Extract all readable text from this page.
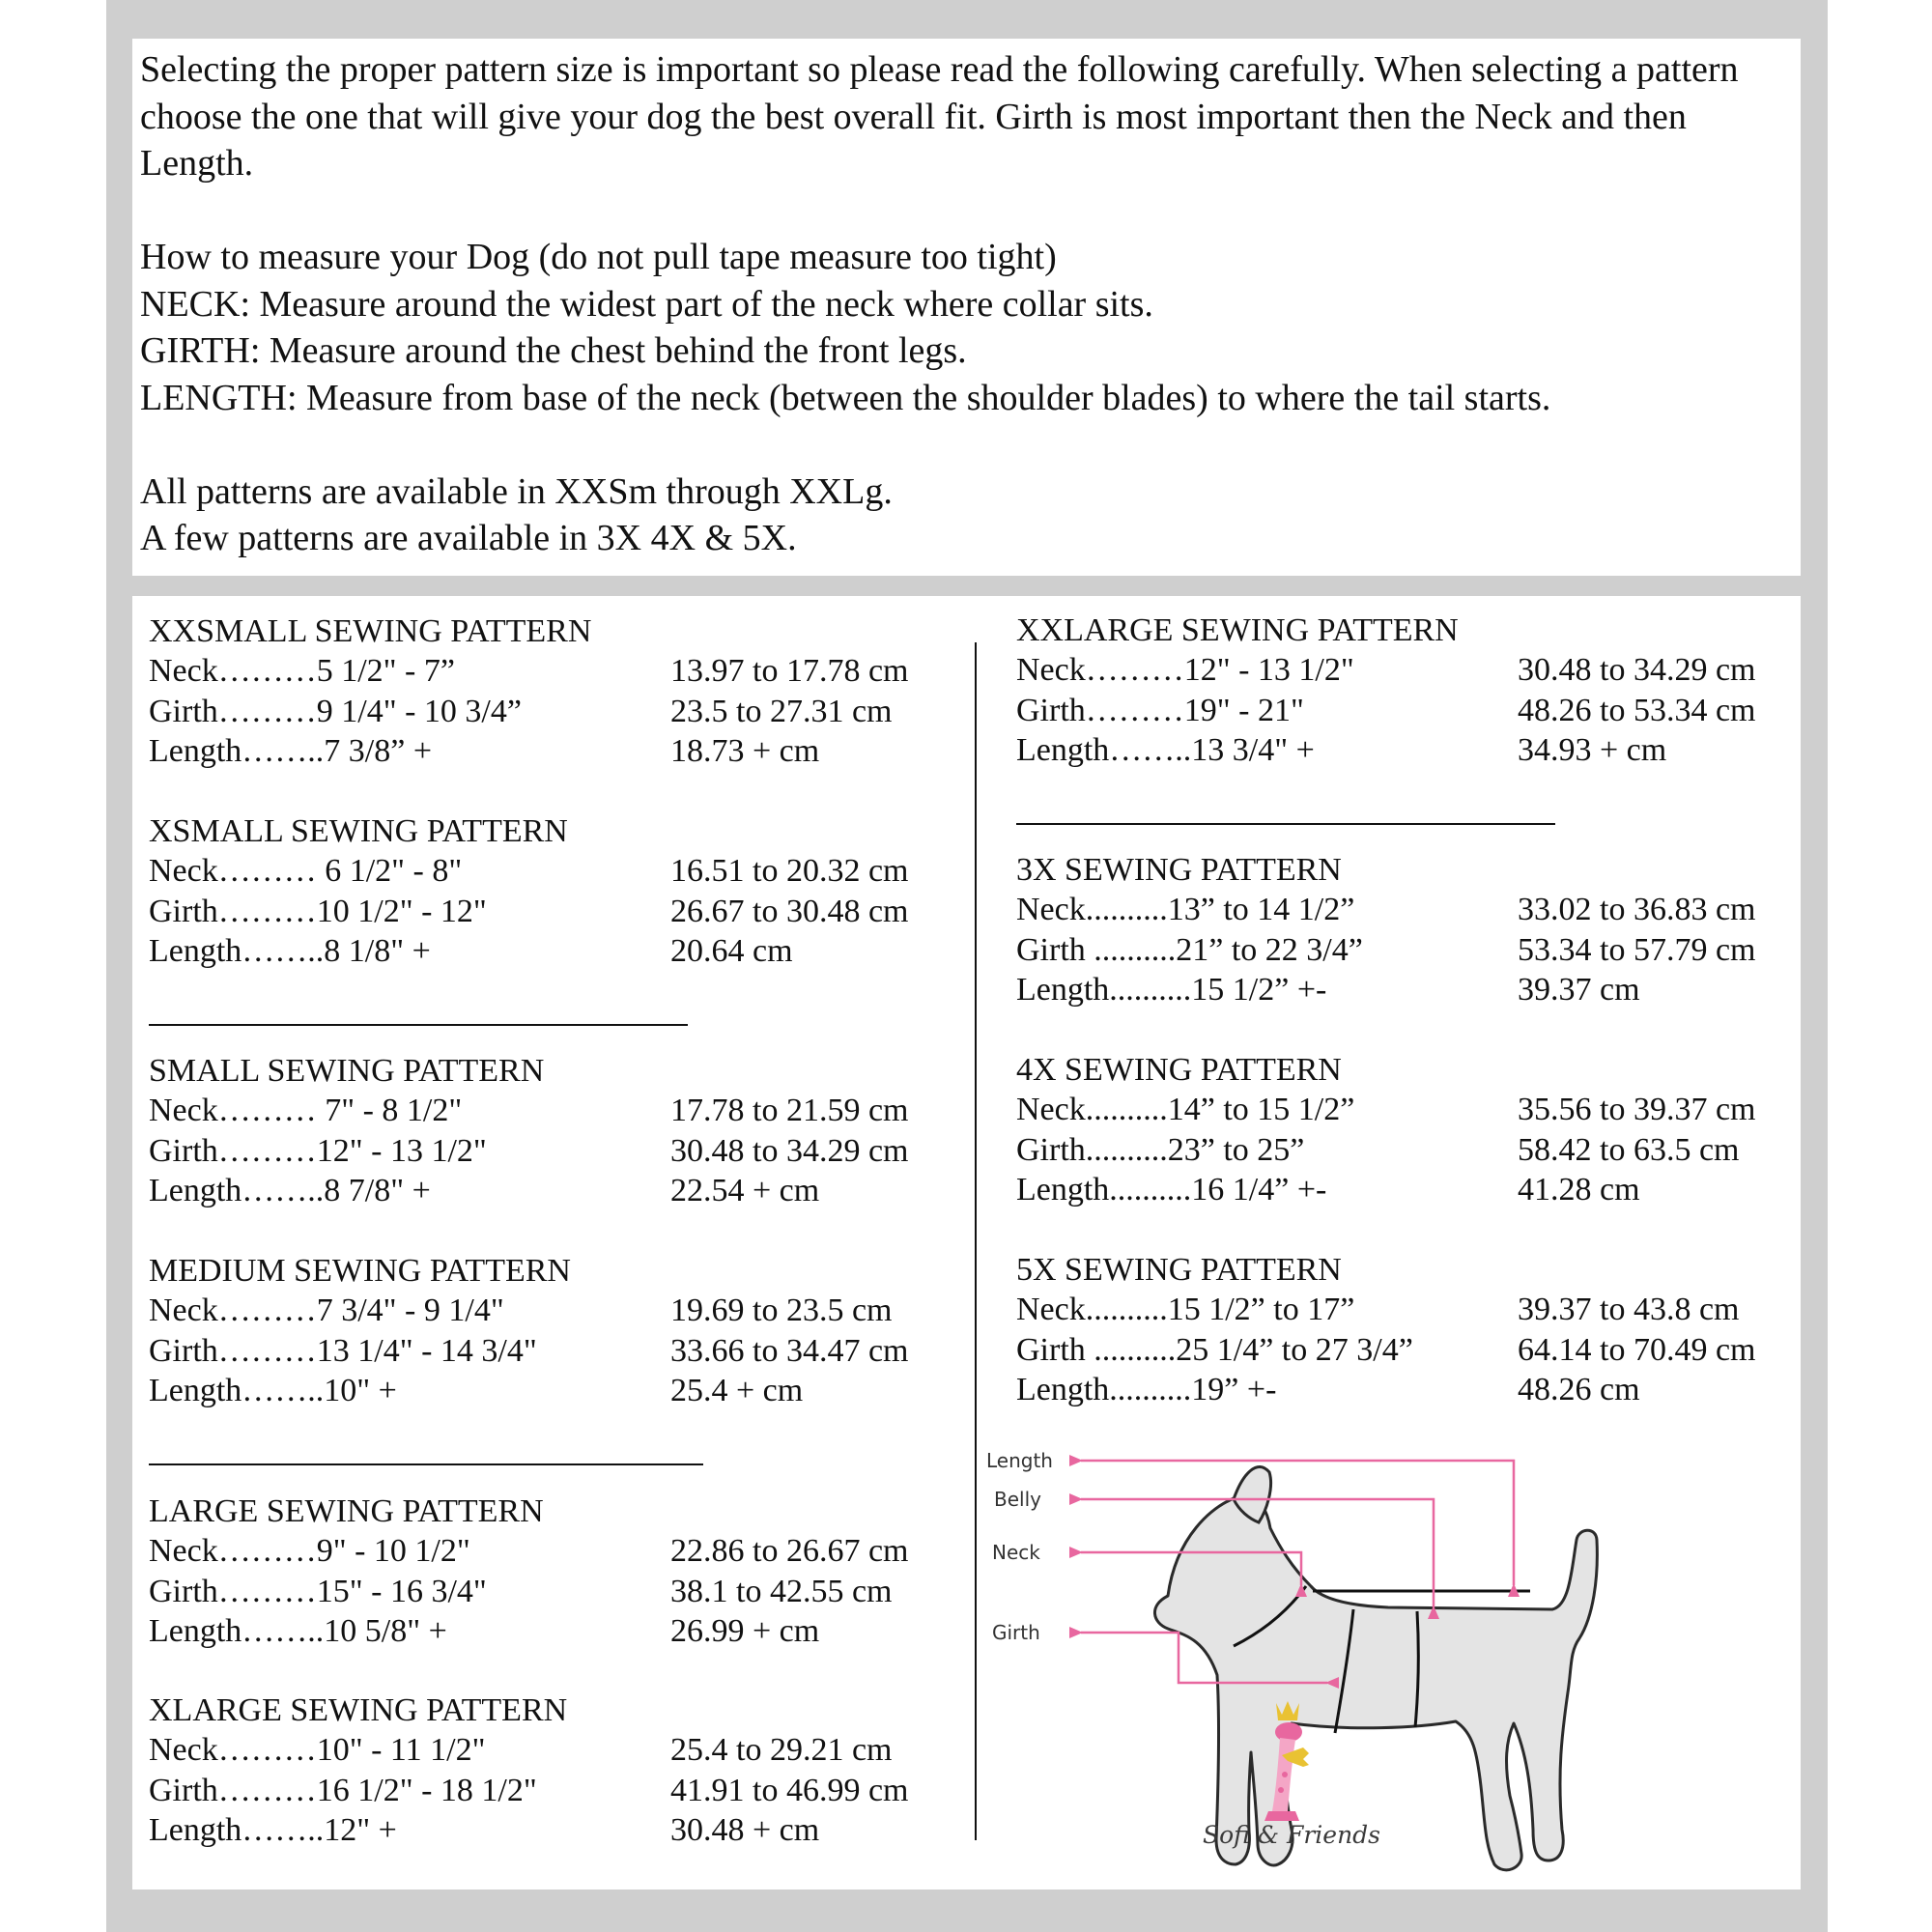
Selecting the proper pattern size is important so please read the following carefully. When selecting a pattern choose the one that will give your dog the best overall fit. Girth is most important then the Neck and then Length.

How to measure your Dog (do not pull tape measure too tight)

NECK: Measure around the widest part of the neck where collar sits.

GIRTH: Measure around the chest behind the front legs.

LENGTH: Measure from base of the neck (between the shoulder blades) to where the tail starts.

All patterns are available in XXSm through XXLg.

A few patterns are available in 3X 4X & 5X.

XXSMALL SEWING PATTERN
Neck………5 1/2" - 7”	13.97 to 17.78 cm
Girth………9 1/4" - 10 3/4”	23.5 to 27.31 cm
Length……..7 3/8” +	18.73 + cm
XSMALL SEWING PATTERN
Neck……… 6 1/2" - 8"	16.51 to 20.32 cm
Girth………10 1/2" - 12"	26.67 to 30.48 cm
Length……..8 1/8" +	20.64 cm
SMALL SEWING PATTERN
Neck……… 7" - 8 1/2"	17.78 to 21.59 cm
Girth………12" - 13 1/2"	30.48 to 34.29 cm
Length……..8 7/8" +	22.54 + cm
MEDIUM SEWING PATTERN
Neck………7 3/4" - 9 1/4"	19.69 to 23.5 cm
Girth………13 1/4" - 14 3/4"	33.66 to 34.47 cm
Length……..10" +	25.4 + cm
LARGE SEWING PATTERN
Neck………9" - 10 1/2"	22.86 to 26.67 cm
Girth………15" - 16 3/4"	38.1 to 42.55 cm
Length……..10 5/8" +	26.99 + cm
XLARGE SEWING PATTERN
Neck………10" - 11 1/2"	25.4 to 29.21 cm
Girth………16 1/2" - 18 1/2"	41.91 to 46.99 cm
Length……..12" +	30.48 + cm
XXLARGE SEWING PATTERN
Neck………12" - 13 1/2"	30.48 to 34.29 cm
Girth………19" - 21"	48.26 to 53.34 cm
Length……..13 3/4" +	34.93 + cm
3X SEWING PATTERN
Neck..........13” to 14 1/2”	33.02 to 36.83 cm
Girth ..........21” to 22 3/4”	53.34 to 57.79 cm
Length..........15 1/2” +-	39.37 cm
4X SEWING PATTERN
Neck..........14” to 15 1/2”	35.56 to 39.37 cm
Girth..........23” to 25”	58.42 to 63.5 cm
Length..........16 1/4” +-	41.28 cm
5X SEWING PATTERN
Neck..........15 1/2” to 17”	39.37 to 43.8 cm
Girth ..........25 1/4” to 27 3/4”	64.14 to 70.49 cm
Length..........19” +-	48.26 cm
Length
Belly
Neck
Girth
Sofi & Friends
